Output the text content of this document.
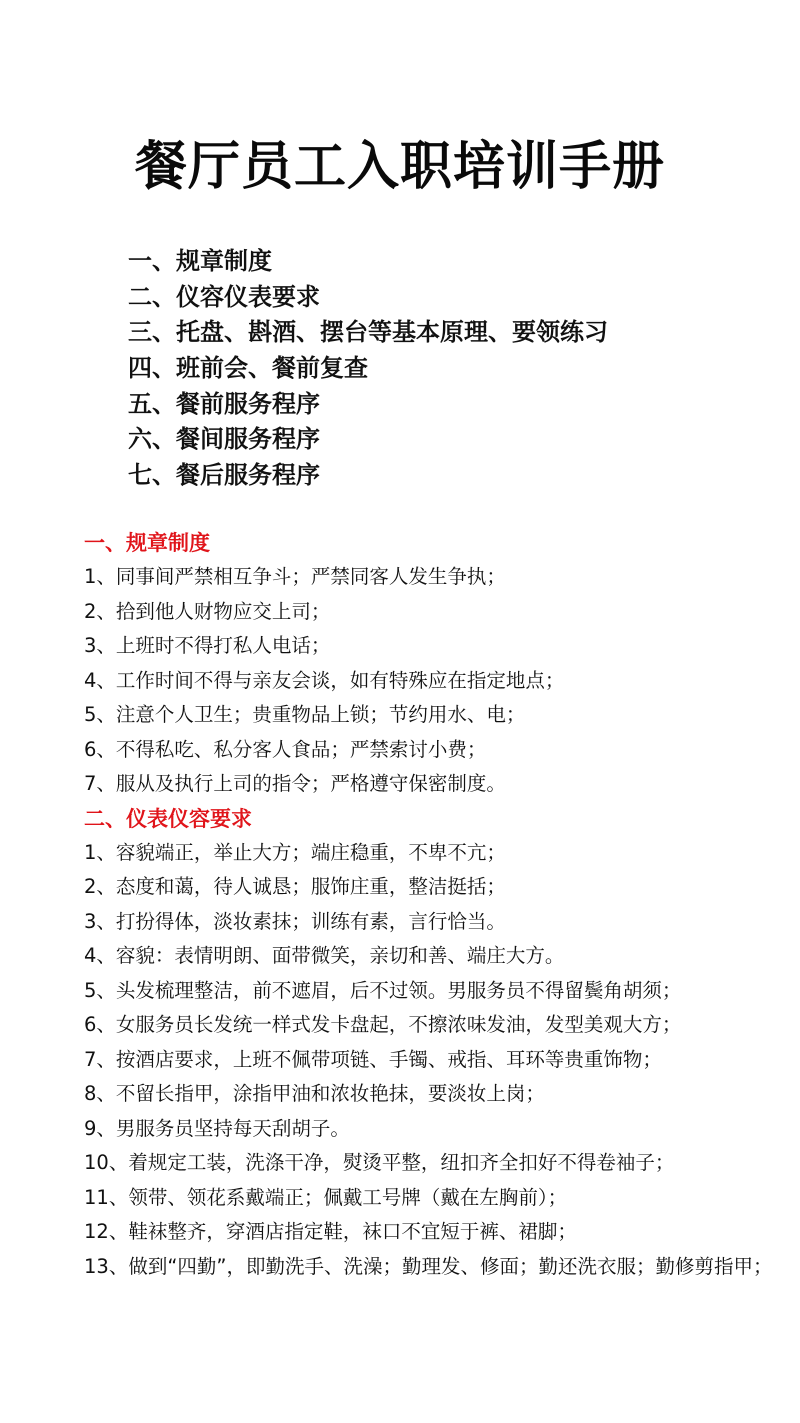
餐厅员工入职培训手册
一、规章制度
二、仪容仪表要求
三、托盘、斟酒、摆台等基本原理、要领练习
四、班前会、餐前复查
五、餐前服务程序
六、餐间服务程序
七、餐后服务程序
一、规章制度
1、同事间严禁相互争斗；严禁同客人发生争执；
2、拾到他人财物应交上司；
3、上班时不得打私人电话；
4、工作时间不得与亲友会谈，如有特殊应在指定地点；
5、注意个人卫生；贵重物品上锁；节约用水、电；
6、不得私吃、私分客人食品；严禁索讨小费；
7、服从及执行上司的指令；严格遵守保密制度。
二、仪表仪容要求
1、容貌端正，举止大方；端庄稳重，不卑不亢；
2、态度和蔼，待人诚恳；服饰庄重，整洁挺括；
3、打扮得体，淡妆素抹；训练有素，言行恰当。
4、容貌：表情明朗、面带微笑，亲切和善、端庄大方。
5、头发梳理整洁，前不遮眉，后不过领。男服务员不得留鬓角胡须；
6、女服务员长发统一样式发卡盘起，不擦浓味发油，发型美观大方；
7、按酒店要求，上班不佩带项链、手镯、戒指、耳环等贵重饰物；
8、不留长指甲，涂指甲油和浓妆艳抹，要淡妆上岗；
9、男服务员坚持每天刮胡子。
10、着规定工装，洗涤干净，熨烫平整，纽扣齐全扣好不得卷袖子；
11、领带、领花系戴端正；佩戴工号牌（戴在左胸前）；
12、鞋袜整齐，穿酒店指定鞋，袜口不宜短于裤、裙脚；
13、做到“四勤”，即勤洗手、洗澡；勤理发、修面；勤还洗衣服；勤修剪指甲；
